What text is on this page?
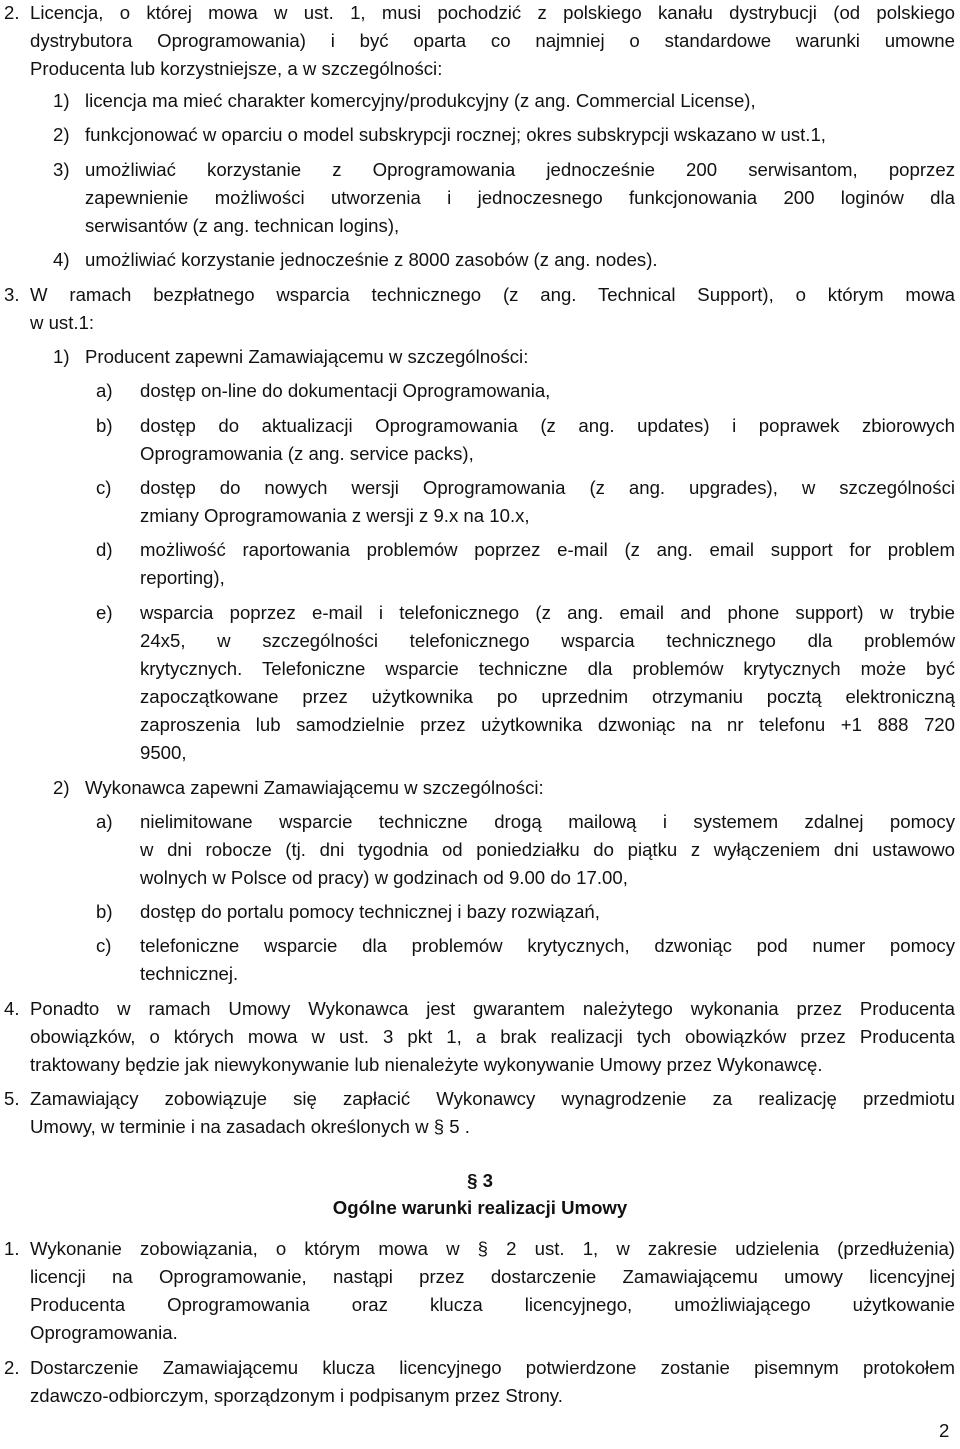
2. Licencja, o której mowa w ust. 1, musi pochodzić z polskiego kanału dystrybucji (od polskiego
dystrybutora Oprogramowania) i być oparta co najmniej o standardowe warunki umowne
Producenta lub korzystniejsze, a w szczególności:
1) licencja ma mieć charakter komercyjny/produkcyjny (z ang. Commercial License),
2) funkcjonować w oparciu o model subskrypcji rocznej; okres subskrypcji wskazano w ust.1,
3) umożliwiać korzystanie z Oprogramowania jednocześnie 200 serwisantom, poprzez
zapewnienie możliwości utworzenia i jednoczesnego funkcjonowania 200 loginów dla
serwisantów (z ang. technican logins),
4) umożliwiać korzystanie jednocześnie z 8000 zasobów (z ang. nodes).
3. W ramach bezpłatnego wsparcia technicznego (z ang. Technical Support), o którym mowa
w ust.1:
1) Producent zapewni Zamawiającemu w szczególności:
a) dostęp on-line do dokumentacji Oprogramowania,
b) dostęp do aktualizacji Oprogramowania (z ang. updates) i poprawek zbiorowych
Oprogramowania (z ang. service packs),
c) dostęp do nowych wersji Oprogramowania (z ang. upgrades), w szczególności
zmiany Oprogramowania z wersji z 9.x na 10.x,
d) możliwość raportowania problemów poprzez e-mail (z ang. email support for problem
reporting),
e) wsparcia poprzez e-mail i telefonicznego (z ang. email and phone support) w trybie
24x5, w szczególności telefonicznego wsparcia technicznego dla problemów
krytycznych. Telefoniczne wsparcie techniczne dla problemów krytycznych może być
zapoczątkowane przez użytkownika po uprzednim otrzymaniu pocztą elektroniczną
zaproszenia lub samodzielnie przez użytkownika dzwoniąc na nr telefonu +1 888 720
9500,
2) Wykonawca zapewni Zamawiającemu w szczególności:
a) nielimitowane wsparcie techniczne drogą mailową i systemem zdalnej pomocy
w dni robocze (tj. dni tygodnia od poniedziałku do piątku z wyłączeniem dni ustawowo
wolnych w Polsce od pracy) w godzinach od 9.00 do 17.00,
b) dostęp do portalu pomocy technicznej i bazy rozwiązań,
c) telefoniczne wsparcie dla problemów krytycznych, dzwoniąc pod numer pomocy
technicznej.
4. Ponadto w ramach Umowy Wykonawca jest gwarantem należytego wykonania przez Producenta
obowiązków, o których mowa w ust. 3 pkt 1, a brak realizacji tych obowiązków przez Producenta
traktowany będzie jak niewykonywanie lub nienależyte wykonywanie Umowy przez Wykonawcę.
5. Zamawiający zobowiązuje się zapłacić Wykonawcy wynagrodzenie za realizację przedmiotu
Umowy, w terminie i na zasadach określonych w § 5 .
§ 3
Ogólne warunki realizacji Umowy
1. Wykonanie zobowiązania, o którym mowa w § 2 ust. 1, w zakresie udzielenia (przedłużenia)
licencji na Oprogramowanie, nastąpi przez dostarczenie Zamawiającemu umowy licencyjnej
Producenta Oprogramowania oraz klucza licencyjnego, umożliwiającego użytkowanie
Oprogramowania.
2. Dostarczenie Zamawiającemu klucza licencyjnego potwierdzone zostanie pisemnym protokołem
zdawczo-odbiorczym, sporządzonym i podpisanym przez Strony.
2
